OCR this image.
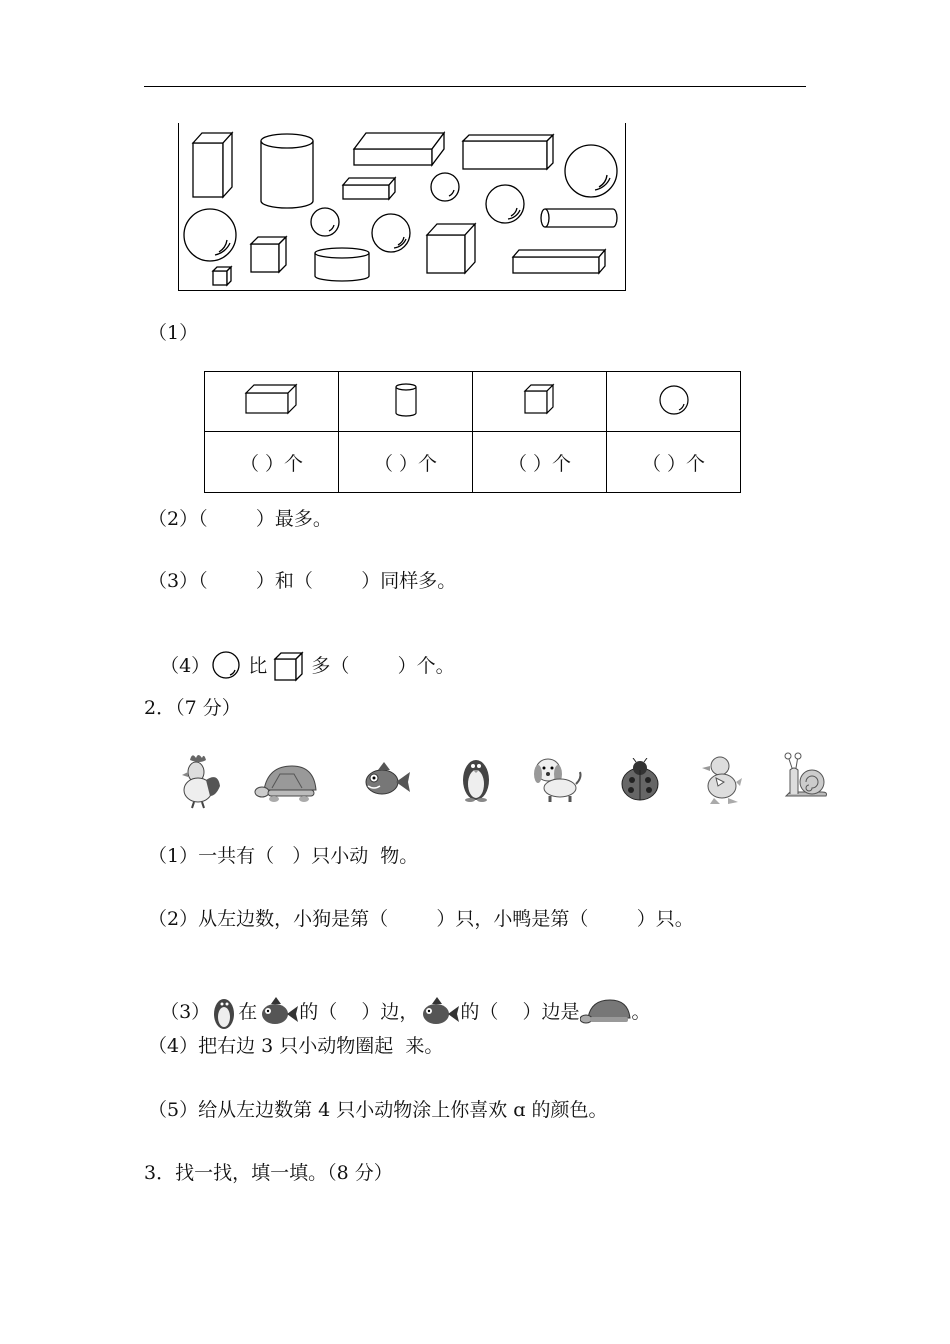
（1）

（ ）个	（ ）个	（ ）个	（ ）个
（2）（        ）最多。
（3）（        ）和（        ）同样多。

（4） 比  多（        ）个。

2．（7 分）
（1）一共有（   ）只小动  物。
（2）从左边数，小狗是第（        ）只，小鸭是第（        ）只。

（3） 在 的（    ）边， 的（    ）边是	。

（4）把右边 3 只小动物圈起  来。
（5）给从左边数第 4 只小动物涂上你喜欢 ɑ 的颜色。
3．找一找，填一填。（8 分）
